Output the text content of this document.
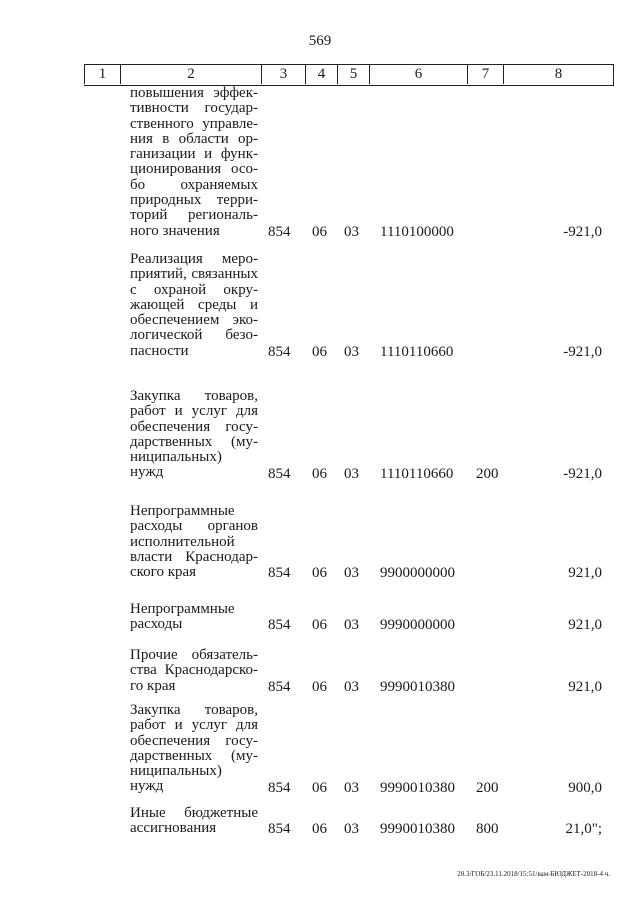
569
1	2	3	4	5	6	7	8
повышения эффек-
тивности государ-
ственного управле-
ния в области ор-
ганизации и функ-
ционирования осо-
бо охраняемых
природных терри-
торий региональ-
ного значения	854 06 03 1110100000	-921,0
Реализация меро-
приятий, связанных
с охраной окру-
жающей среды и
обеспечением эко-
логической безо-
пасности	854 06 03 1110110660	-921,0
Закупка товаров,
работ и услуг для
обеспечения госу-
дарственных (му-
ниципальных)
нужд	854 06 03 1110110660 200	-921,0
Непрограммные
расходы органов
исполнительной
власти Краснодар-
ского края	854 06 03 9900000000	921,0
Непрограммные
расходы	854 06 03 9990000000	921,0
Прочие обязатель-
ства Краснодарско-
го края	854 06 03 9990010380	921,0
Закупка товаров,
работ и услуг для
обеспечения госу-
дарственных (му-
ниципальных)
нужд	854 06 03 9990010380 200	900,0
Иные бюджетные
ассигнования	854 06 03 9990010380 800	21,0";
20.3/ГОБ/23.11.2018/15:51/вам-БЮДЖЕТ-2018-4 ч.
